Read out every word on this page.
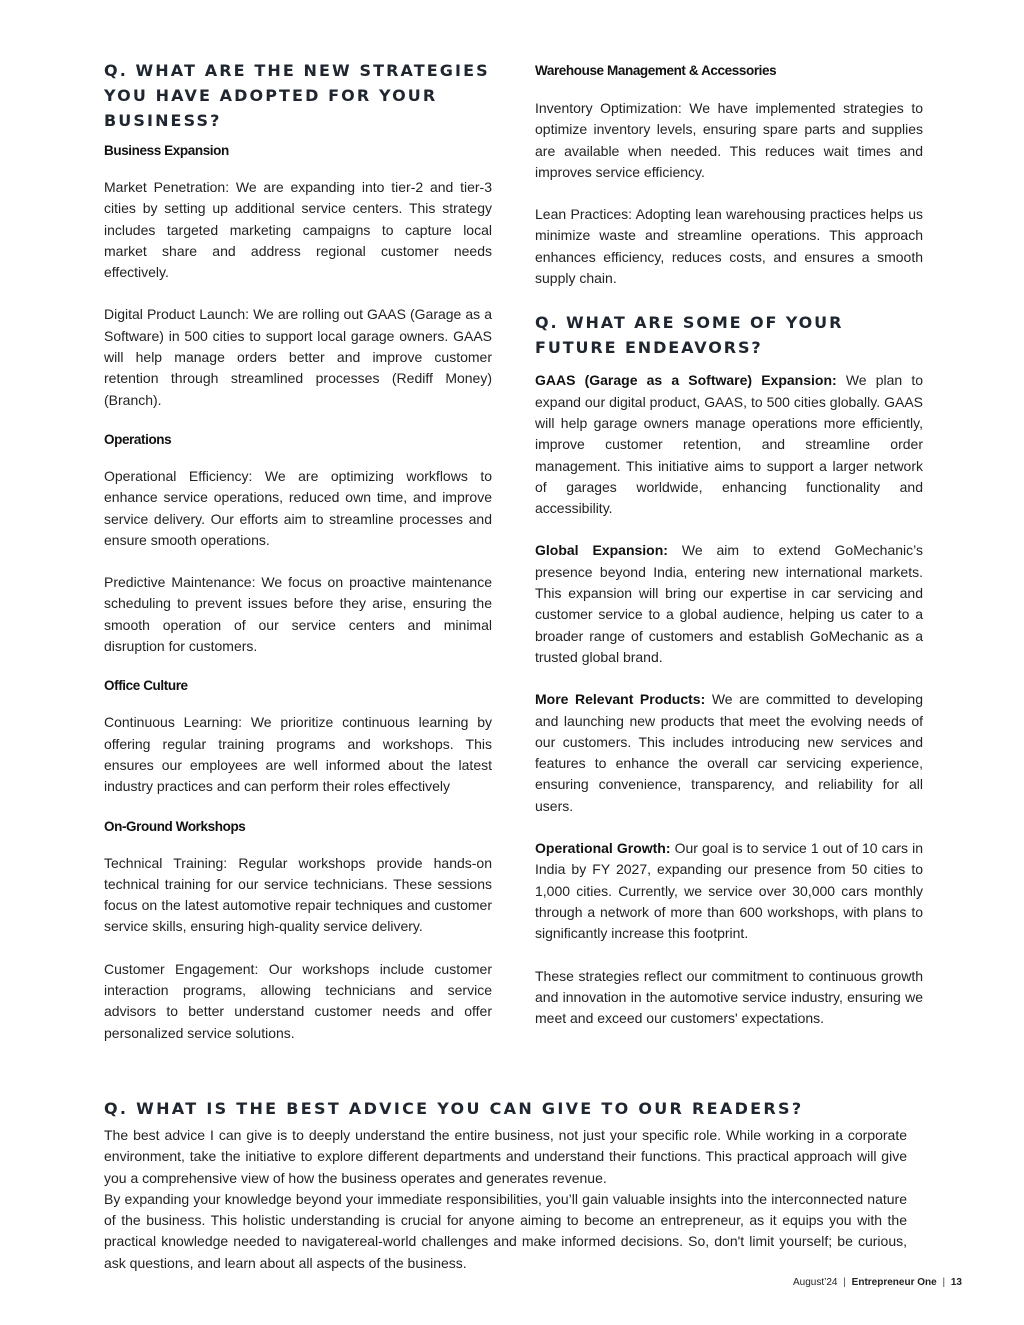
Q. WHAT ARE THE NEW STRATEGIES YOU HAVE ADOPTED FOR YOUR BUSINESS?
Business Expansion

Market Penetration: We are expanding into tier-2 and tier-3 cities by setting up additional service centers. This strategy includes targeted marketing campaigns to capture local market share and address regional customer needs effectively.

Digital Product Launch: We are rolling out GAAS (Garage as a Software) in 500 cities to support local garage owners. GAAS will help manage orders better and improve customer retention through streamlined processes (Rediff Money)(Branch).

Operations

Operational Efficiency: We are optimizing workflows to enhance service operations, reduced own time, and improve service delivery. Our efforts aim to streamline processes and ensure smooth operations.

Predictive Maintenance: We focus on proactive maintenance scheduling to prevent issues before they arise, ensuring the smooth operation of our service centers and minimal disruption for customers.

Office Culture

Continuous Learning: We prioritize continuous learning by offering regular training programs and workshops. This ensures our employees are well informed about the latest industry practices and can perform their roles effectively

On-Ground Workshops

Technical Training: Regular workshops provide hands-on technical training for our service technicians. These sessions focus on the latest automotive repair techniques and customer service skills, ensuring high-quality service delivery.

Customer Engagement: Our workshops include customer interaction programs, allowing technicians and service advisors to better understand customer needs and offer personalized service solutions.

Warehouse Management & Accessories

Inventory Optimization: We have implemented strategies to optimize inventory levels, ensuring spare parts and supplies are available when needed. This reduces wait times and improves service efficiency.

Lean Practices: Adopting lean warehousing practices helps us minimize waste and streamline operations. This approach enhances efficiency, reduces costs, and ensures a smooth supply chain.

Q. WHAT ARE SOME OF YOUR FUTURE ENDEAVORS?

GAAS (Garage as a Software) Expansion: We plan to expand our digital product, GAAS, to 500 cities globally. GAAS will help garage owners manage operations more efficiently, improve customer retention, and streamline order management. This initiative aims to support a larger network of garages worldwide, enhancing functionality and accessibility.

Global Expansion: We aim to extend GoMechanic’s presence beyond India, entering new international markets. This expansion will bring our expertise in car servicing and customer service to a global audience, helping us cater to a broader range of customers and establish GoMechanic as a trusted global brand.

More Relevant Products: We are committed to developing and launching new products that meet the evolving needs of our customers. This includes introducing new services and features to enhance the overall car servicing experience, ensuring convenience, transparency, and reliability for all users.

Operational Growth: Our goal is to service 1 out of 10 cars in India by FY 2027, expanding our presence from 50 cities to 1,000 cities. Currently, we service over 30,000 cars monthly through a network of more than 600 workshops, with plans to significantly increase this footprint.

These strategies reflect our commitment to continuous growth and innovation in the automotive service industry, ensuring we meet and exceed our customers' expectations.

Q. WHAT IS THE BEST ADVICE YOU CAN GIVE TO OUR READERS?

The best advice I can give is to deeply understand the entire business, not just your specific role. While working in a corporate environment, take the initiative to explore different departments and understand their functions. This practical approach will give you a comprehensive view of how the business operates and generates revenue.

By expanding your knowledge beyond your immediate responsibilities, you’ll gain valuable insights into the interconnected nature of the business. This holistic understanding is crucial for anyone aiming to become an entrepreneur, as it equips you with the practical knowledge needed to navigatereal-world challenges and make informed decisions. So, don't limit yourself; be curious, ask questions, and learn about all aspects of the business.

August’24 | Entrepreneur One | 13
